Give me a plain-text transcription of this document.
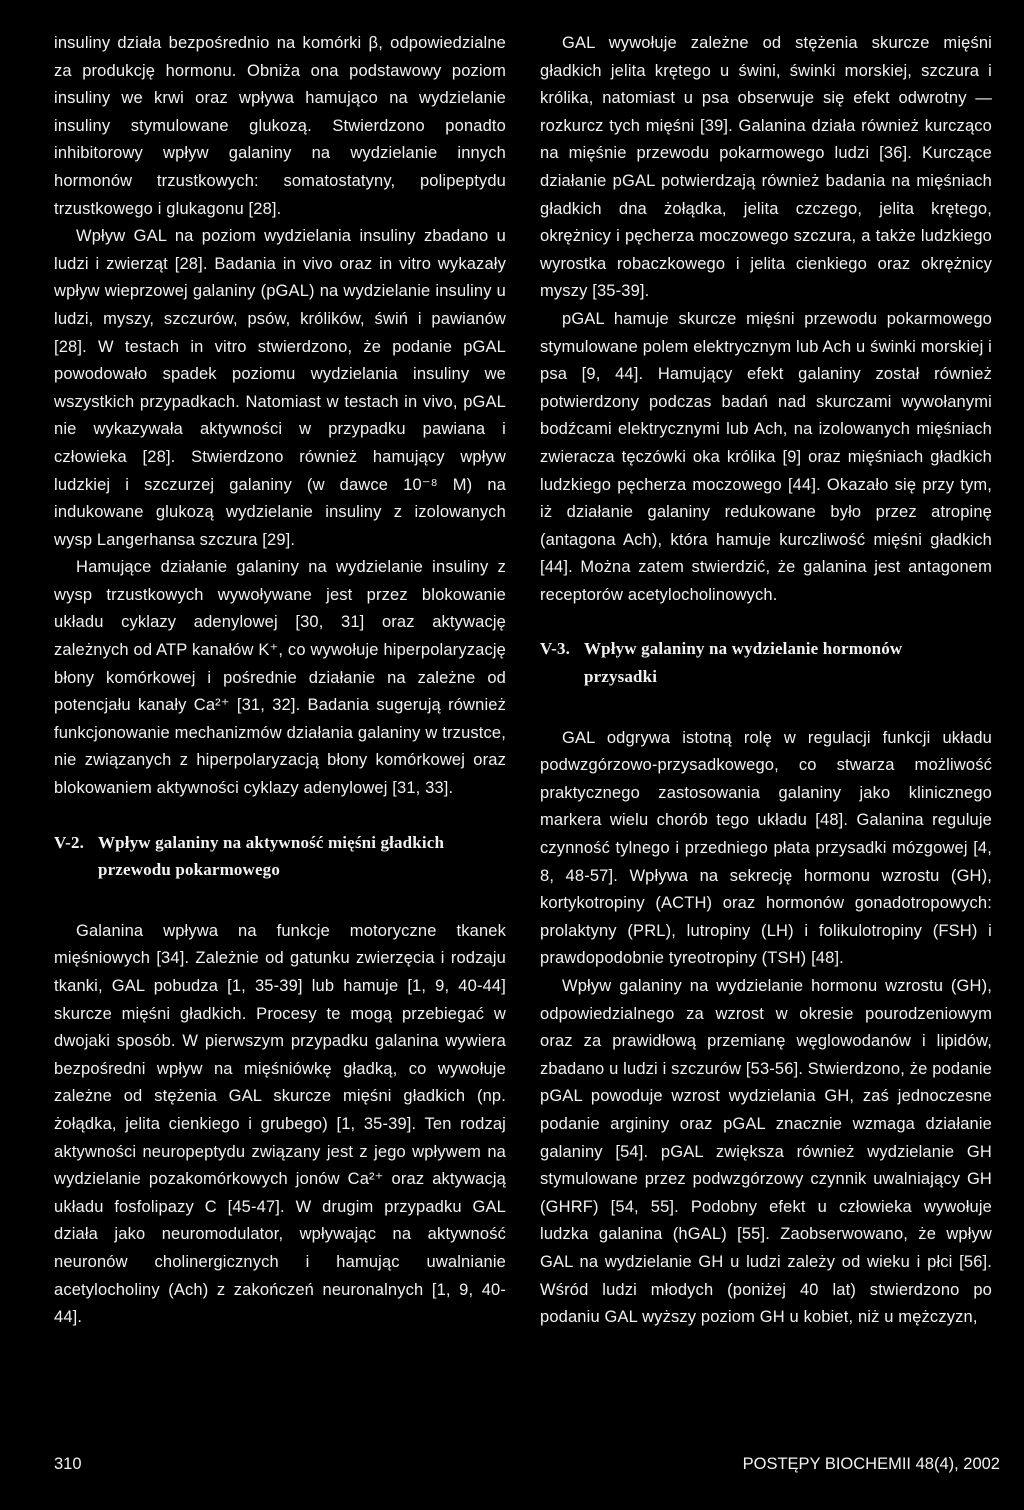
insuliny działa bezpośrednio na komórki β, odpowiedzialne za produkcję hormonu. Obniża ona podstawowy poziom insuliny we krwi oraz wpływa hamująco na wydzielanie insuliny stymulowane glukozą. Stwierdzono ponadto inhibitorowy wpływ galaniny na wydzielanie innych hormonów trzustkowych: somatostatyny, polipeptydu trzustkowego i glukagonu [28].

Wpływ GAL na poziom wydzielania insuliny zbadano u ludzi i zwierząt [28]. Badania in vivo oraz in vitro wykazały wpływ wieprzowej galaniny (pGAL) na wydzielanie insuliny u ludzi, myszy, szczurów, psów, królików, świń i pawianów [28]. W testach in vitro stwierdzono, że podanie pGAL powodowało spadek poziomu wydzielania insuliny we wszystkich przypadkach. Natomiast w testach in vivo, pGAL nie wykazywała aktywności w przypadku pawiana i człowieka [28]. Stwierdzono również hamujący wpływ ludzkiej i szczurzej galaniny (w dawce 10⁻⁸ M) na indukowane glukozą wydzielanie insuliny z izolowanych wysp Langerhansa szczura [29].

Hamujące działanie galaniny na wydzielanie insuliny z wysp trzustkowych wywoływane jest przez blokowanie układu cyklazy adenylowej [30, 31] oraz aktywację zależnych od ATP kanałów K⁺, co wywołuje hiperpolaryzację błony komórkowej i pośrednie działanie na zależne od potencjału kanały Ca²⁺ [31, 32]. Badania sugerują również funkcjonowanie mechanizmów działania galaniny w trzustce, nie związanych z hiperpolaryzacją błony komórkowej oraz blokowaniem aktywności cyklazy adenylowej [31, 33].

V-2. Wpływ galaniny na aktywność mięśni gładkich
przewodu pokarmowego

Galanina wpływa na funkcje motoryczne tkanek mięśniowych [34]. Zależnie od gatunku zwierzęcia i rodzaju tkanki, GAL pobudza [1, 35-39] lub hamuje [1, 9, 40-44] skurcze mięśni gładkich. Procesy te mogą przebiegać w dwojaki sposób. W pierwszym przypadku galanina wywiera bezpośredni wpływ na mięśniówkę gładką, co wywołuje zależne od stężenia GAL skurcze mięśni gładkich (np. żołądka, jelita cienkiego i grubego) [1, 35-39]. Ten rodzaj aktywności neuropeptydu związany jest z jego wpływem na wydzielanie pozakomórkowych jonów Ca²⁺ oraz aktywacją układu fosfolipazy C [45-47]. W drugim przypadku GAL działa jako neuromodulator, wpływając na aktywność neuronów cholinergicznych i hamując uwalnianie acetylocholiny (Ach) z zakończeń neuronalnych [1, 9, 40-44].

GAL wywołuje zależne od stężenia skurcze mięśni gładkich jelita krętego u świni, świnki morskiej, szczura i królika, natomiast u psa obserwuje się efekt odwrotny — rozkurcz tych mięśni [39]. Galanina działa również kurcząco na mięśnie przewodu pokarmowego ludzi [36]. Kurczące działanie pGAL potwierdzają również badania na mięśniach gładkich dna żołądka, jelita czczego, jelita krętego, okrężnicy i pęcherza moczowego szczura, a także ludzkiego wyrostka robaczkowego i jelita cienkiego oraz okrężnicy myszy [35-39].

pGAL hamuje skurcze mięśni przewodu pokarmowego stymulowane polem elektrycznym lub Ach u świnki morskiej i psa [9, 44]. Hamujący efekt galaniny został również potwierdzony podczas badań nad skurczami wywołanymi bodźcami elektrycznymi lub Ach, na izolowanych mięśniach zwieracza tęczówki oka królika [9] oraz mięśniach gładkich ludzkiego pęcherza moczowego [44]. Okazało się przy tym, iż działanie galaniny redukowane było przez atropinę (antagona Ach), która hamuje kurczliwość mięśni gładkich [44]. Można zatem stwierdzić, że galanina jest antagonem receptorów acetylocholinowych.

V-3. Wpływ galaniny na wydzielanie hormonów
przysadki

GAL odgrywa istotną rolę w regulacji funkcji układu podwzgórzowo-przysadkowego, co stwarza możliwość praktycznego zastosowania galaniny jako klinicznego markera wielu chorób tego układu [48]. Galanina reguluje czynność tylnego i przedniego płata przysadki mózgowej [4, 8, 48-57]. Wpływa na sekrecję hormonu wzrostu (GH), kortykotropiny (ACTH) oraz hormonów gonadotropowych: prolaktyny (PRL), lutropiny (LH) i folikulotropiny (FSH) i prawdopodobnie tyreotropiny (TSH) [48].

Wpływ galaniny na wydzielanie hormonu wzrostu (GH), odpowiedzialnego za wzrost w okresie pourodzeniowym oraz za prawidłową przemianę węglowodanów i lipidów, zbadano u ludzi i szczurów [53-56]. Stwierdzono, że podanie pGAL powoduje wzrost wydzielania GH, zaś jednoczesne podanie argininy oraz pGAL znacznie wzmaga działanie galaniny [54]. pGAL zwiększa również wydzielanie GH stymulowane przez podwzgórzowy czynnik uwalniający GH (GHRF) [54, 55]. Podobny efekt u człowieka wywołuje ludzka galanina (hGAL) [55]. Zaobserwowano, że wpływ GAL na wydzielanie GH u ludzi zależy od wieku i płci [56]. Wśród ludzi młodych (poniżej 40 lat) stwierdzono po podaniu GAL wyższy poziom GH u kobiet, niż u mężczyzn,

310	POSTĘPY BIOCHEMII 48(4), 2002
